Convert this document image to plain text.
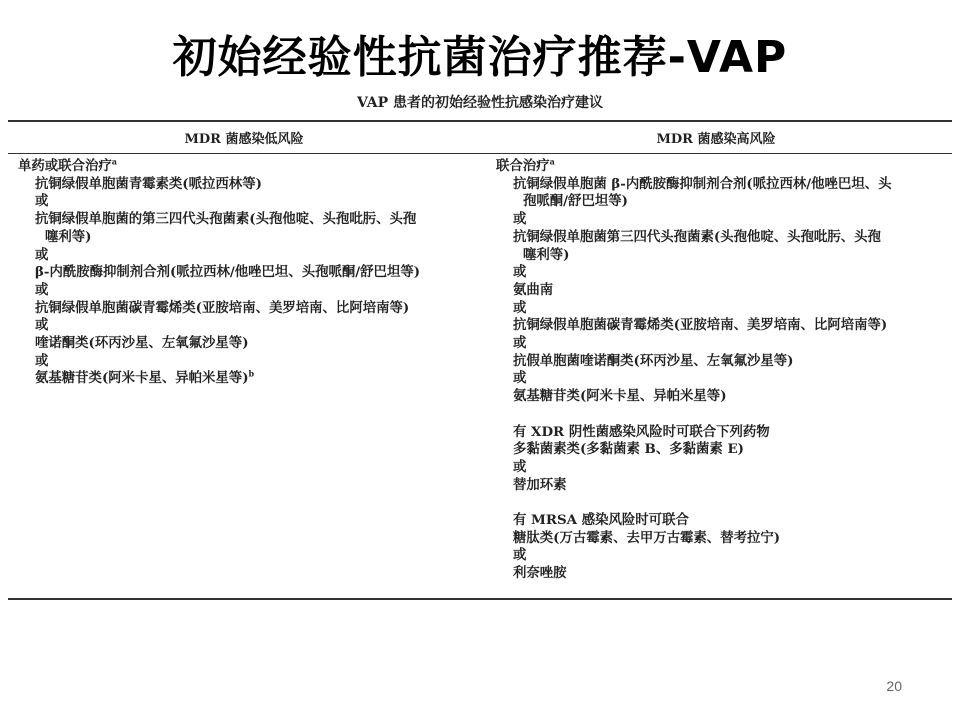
初始经验性抗菌治疗推荐-VAP
VAP 患者的初始经验性抗感染治疗建议
MDR 菌感染低风险	MDR 菌感染高风险
单药或联合治疗$^a$
抗铜绿假单胞菌青霉素类(哌拉西林等)
或
抗铜绿假单胞菌的第三四代头孢菌素(头孢他啶、头孢吡肟、头孢
噻利等)
或
β-内酰胺酶抑制剂合剂(哌拉西林/他唑巴坦、头孢哌酮/舒巴坦等)
或
抗铜绿假单胞菌碳青霉烯类(亚胺培南、美罗培南、比阿培南等)
或
喹诺酮类(环丙沙星、左氧氟沙星等)
或
氨基糖苷类(阿米卡星、异帕米星等)$^b$
联合治疗$^a$
抗铜绿假单胞菌 β-内酰胺酶抑制剂合剂(哌拉西林/他唑巴坦、头
孢哌酮/舒巴坦等)
或
抗铜绿假单胞菌第三四代头孢菌素(头孢他啶、头孢吡肟、头孢
噻利等)
或
氨曲南
或
抗铜绿假单胞菌碳青霉烯类(亚胺培南、美罗培南、比阿培南等)
或
抗假单胞菌喹诺酮类(环丙沙星、左氧氟沙星等)
或
氨基糖苷类(阿米卡星、异帕米星等)
有 XDR 阴性菌感染风险时可联合下列药物
多黏菌素类(多黏菌素 B、多黏菌素 E)
或
替加环素
有 MRSA 感染风险时可联合
糖肽类(万古霉素、去甲万古霉素、替考拉宁)
或
利奈唑胺
20
